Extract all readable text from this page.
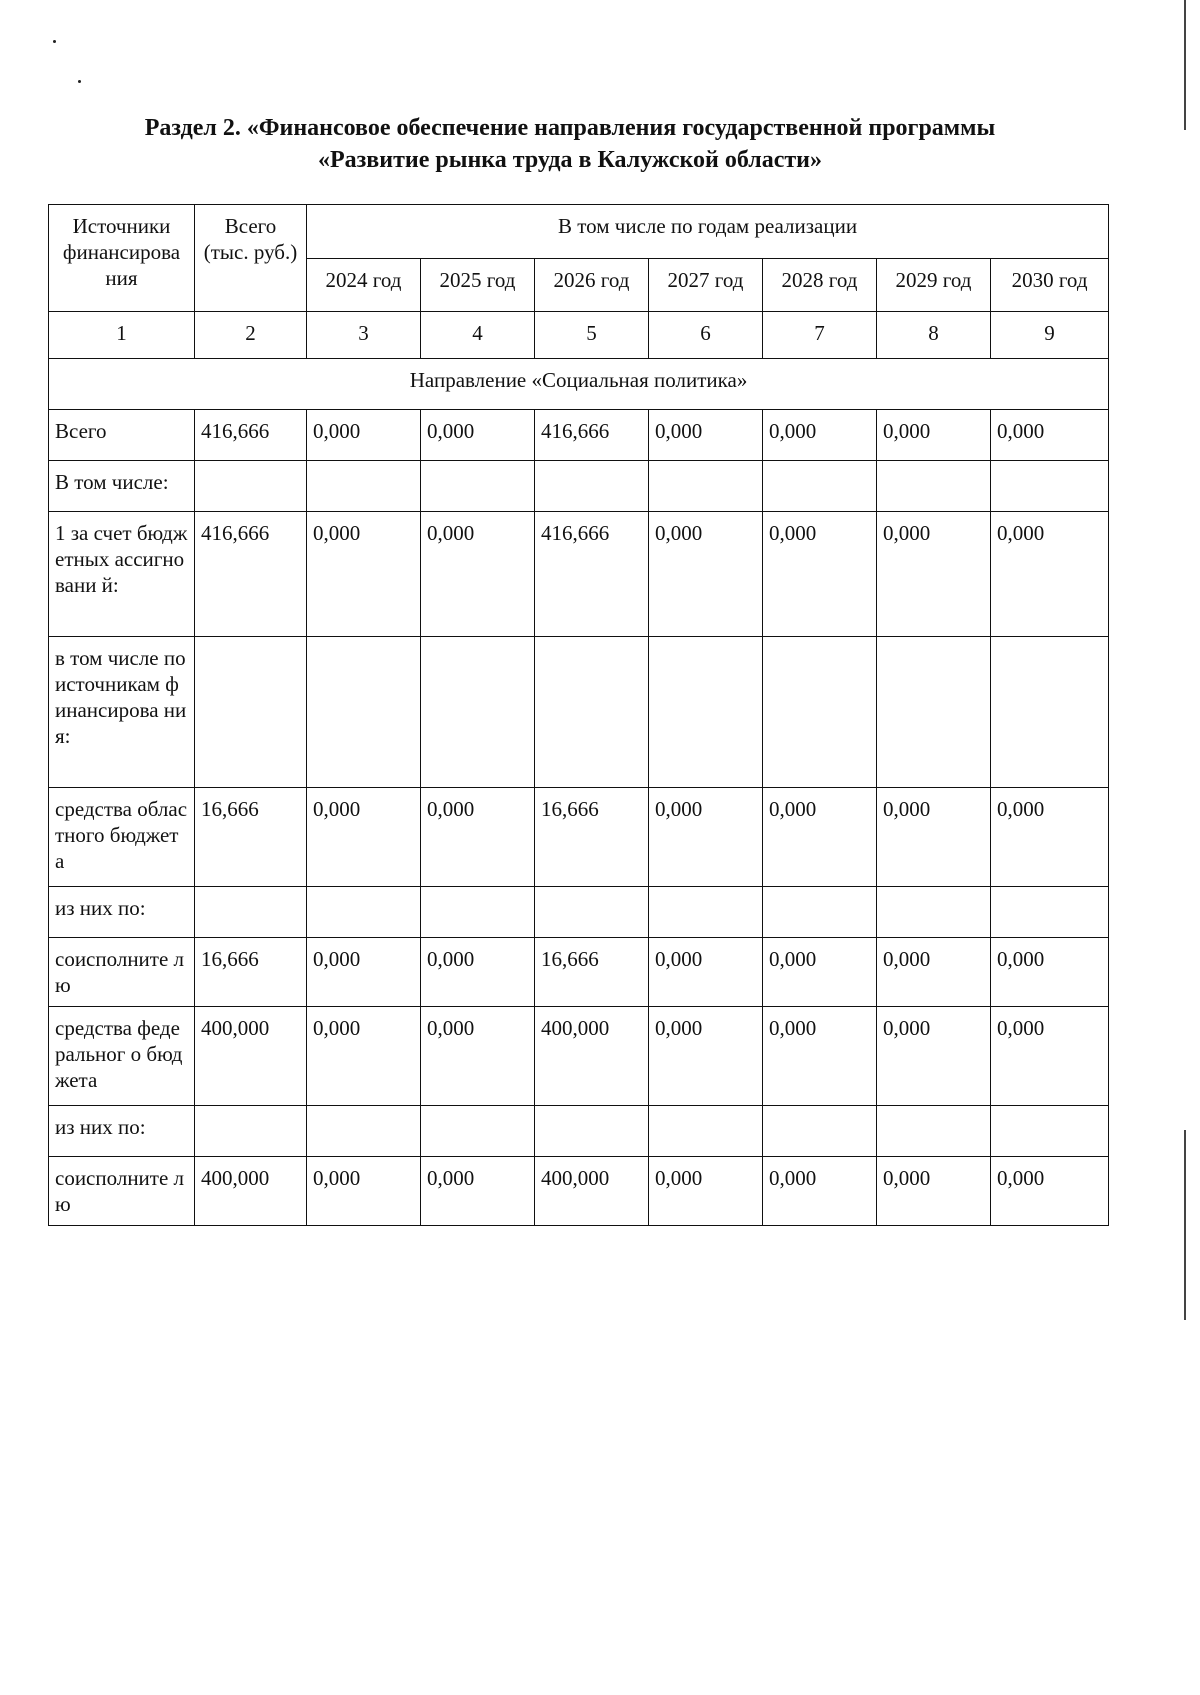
Раздел 2. «Финансовое обеспечение направления государственной программы
«Развитие рынка труда в Калужской области»
Источники финансирова ния	Всего (тыс. руб.)	В том числе по годам реализации						
		2024 год	2025 год	2026 год	2027 год	2028 год	2029 год	2030 год
1	2	3	4	5	6	7	8	9
Направление «Социальная политика»								
Всего	416,666	0,000	0,000	416,666	0,000	0,000	0,000	0,000
В том числе:								
1 за счет бюджетных ассигновани й:	416,666	0,000	0,000	416,666	0,000	0,000	0,000	0,000
в том числе по источникам финансирова ния:								
средства областного бюджета	16,666	0,000	0,000	16,666	0,000	0,000	0,000	0,000
из них по:								
соисполните лю	16,666	0,000	0,000	16,666	0,000	0,000	0,000	0,000
средства федеральног о бюджета	400,000	0,000	0,000	400,000	0,000	0,000	0,000	0,000
из них по:								
соисполните лю	400,000	0,000	0,000	400,000	0,000	0,000	0,000	0,000
